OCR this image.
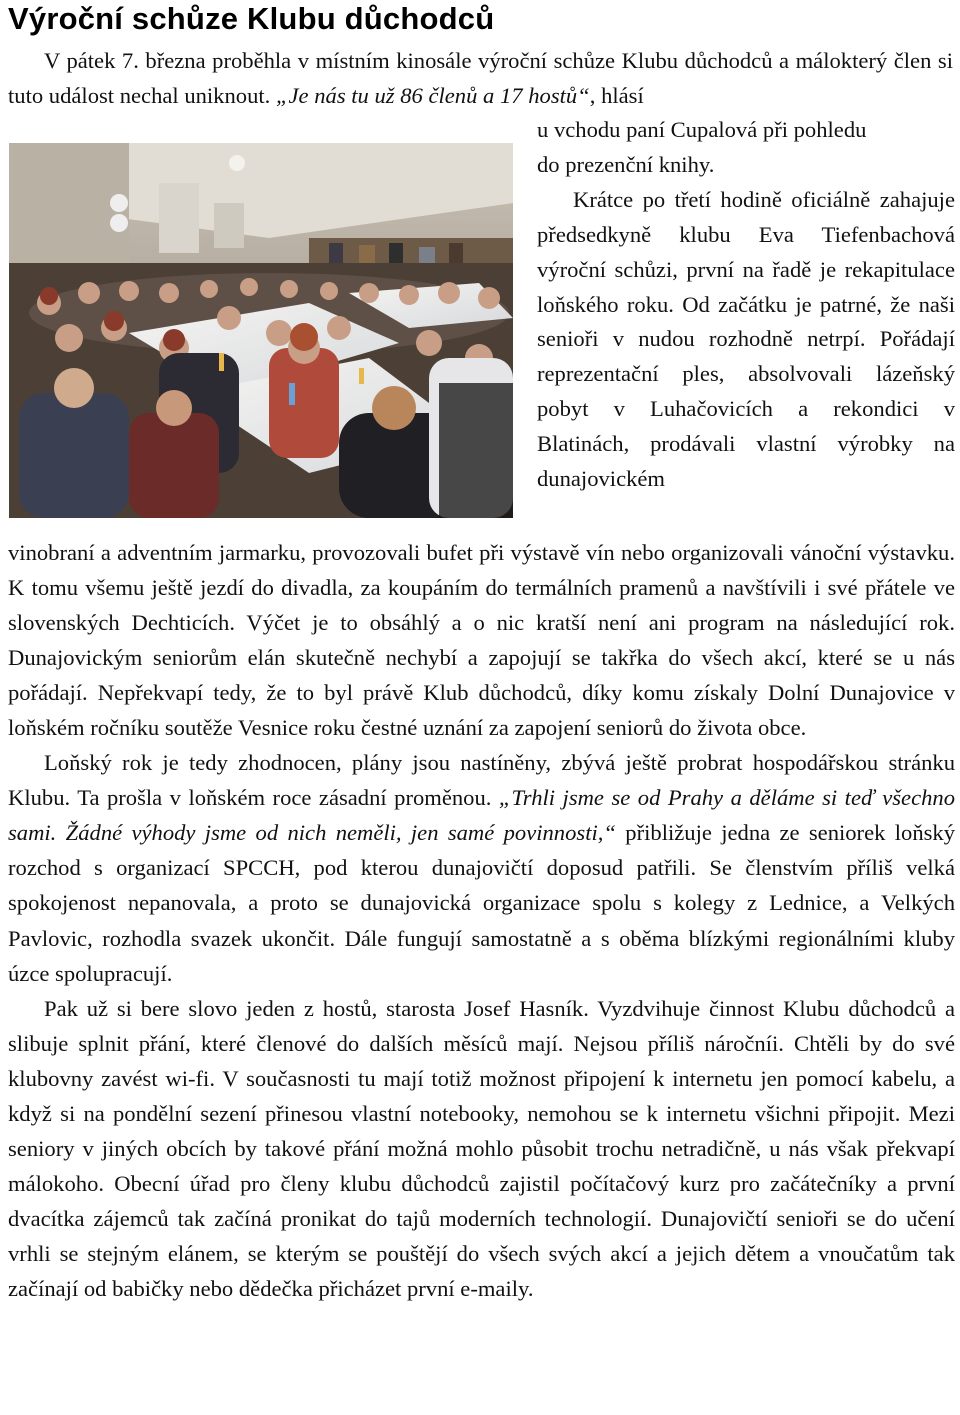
Výroční schůze Klubu důchodců

V pátek 7. března proběhla v místním kinosále výroční schůze Klubu důchodců a málokterý člen si tuto událost nechal uniknout. „Je nás tu už 86 členů a 17 hostů“, hlásí

u vchodu paní Cupalová při pohledu

do prezenční knihy.

Krátce po třetí hodině oficiálně zahajuje předsedkyně klubu Eva Tiefenbachová výroční schůzi, první na řadě je rekapitulace loňského roku. Od začátku je patrné, že naši senioři v nudou rozhodně netrpí. Pořádají reprezentační ples, absolvovali lázeňský pobyt v Luhačovicích a rekondici v Blatinách, prodávali vlastní výrobky na dunajovickém

vinobraní a adventním jarmarku, provozovali bufet při výstavě vín nebo organizovali vánoční výstavku. K tomu všemu ještě jezdí do divadla, za koupáním do termálních pramenů a navštívili i své přátele ve slovenských Dechticích. Výčet je to obsáhlý a o nic kratší není ani program na následující rok. Dunajovickým seniorům elán skutečně nechybí a zapojují se takřka do všech akcí, které se u nás pořádají. Nepřekvapí tedy, že to byl právě Klub důchodců, díky komu získaly Dolní Dunajovice v loňském ročníku soutěže Vesnice roku čestné uznání za zapojení seniorů do života obce.

Loňský rok je tedy zhodnocen, plány jsou nastíněny, zbývá ještě probrat hospodářskou stránku Klubu. Ta prošla v loňském roce zásadní proměnou. „Trhli jsme se od Prahy a děláme si teď všechno sami. Žádné výhody jsme od nich neměli, jen samé povinnosti,“ přibližuje jedna ze seniorek loňský rozchod s organizací SPCCH, pod kterou dunajovičtí doposud patřili. Se členstvím příliš velká spokojenost nepanovala, a proto se dunajovická organizace spolu s kolegy z Lednice, a Velkých Pavlovic, rozhodla svazek ukončit. Dále fungují samostatně a s oběma blízkými regionálními kluby úzce spolupracují.

Pak už si bere slovo jeden z hostů, starosta Josef Hasník. Vyzdvihuje činnost Klubu důchodců a slibuje splnit přání, které členové do dalších měsíců mají. Nejsou příliš náročníi. Chtěli by do své klubovny zavést wi-fi. V současnosti tu mají totiž možnost připojení k internetu jen pomocí kabelu, a když si na pondělní sezení přinesou vlastní notebooky, nemohou se k internetu všichni připojit. Mezi seniory v jiných obcích by takové přání možná mohlo působit trochu netradičně, u nás však překvapí málokoho. Obecní úřad pro členy klubu důchodců zajistil počítačový kurz pro začátečníky a první dvacítka zájemců tak začíná pronikat do tajů moderních technologií. Dunajovičtí senioři se do učení vrhli se stejným elánem, se kterým se pouštějí do všech svých akcí a jejich dětem a vnoučatům tak začínají od babičky nebo dědečka přicházet první e-maily.
